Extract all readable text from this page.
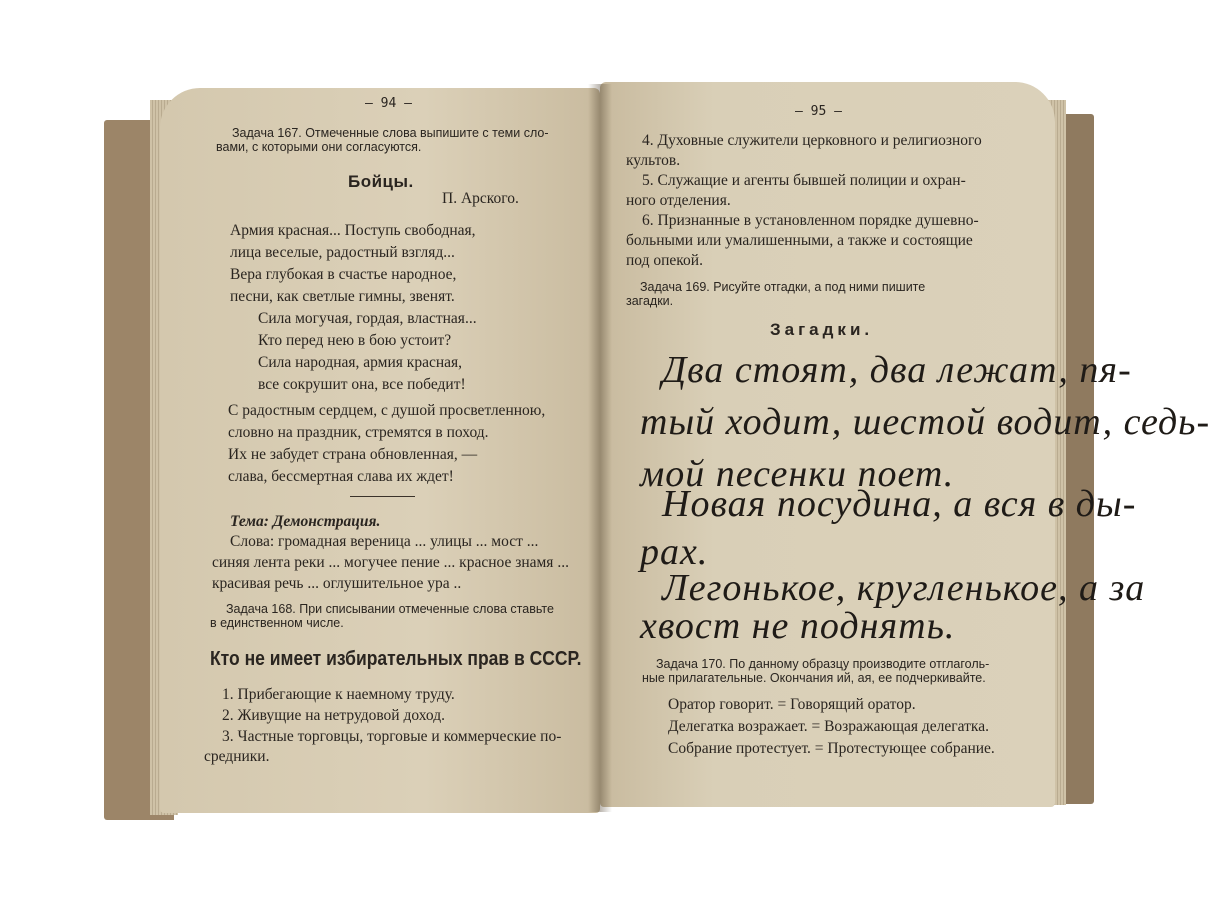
— 94 —

Задача 167. Отмеченные слова выпишите с теми сло-

вами, с которыми они согласуются.

Бойцы.

П. Арского.

Армия красная... Поступь свободная,

лица веселые, радостный взгляд...

Вера глубокая в счастье народное,

песни, как светлые гимны, звенят.

Сила могучая, гордая, властная...

Кто перед нею в бою устоит?

Сила народная, армия красная,

все сокрушит она, все победит!

С радостным сердцем, с душой просветленною,

словно на праздник, стремятся в поход.

Их не забудет страна обновленная, —

слава, бессмертная слава их ждет!

Тема: Демонстрация.

Слова: громадная вереница ... улицы ... мост ...

синяя лента реки ... могучее пение ... красное знамя ...

красивая речь ... оглушительное ура ..

Задача 168. При списывании отмеченные слова ставьте

в единственном числе.

Кто не имеет избирательных прав в СССР.

1. Прибегающие к наемному труду.

2. Живущие на нетрудовой доход.

3. Частные торговцы, торговые и коммерческие по-

средники.

— 95 —

4. Духовные служители церковного и религиозного

культов.

5. Служащие и агенты бывшей полиции и охран-

ного отделения.

6. Признанные в установленном порядке душевно-

больными или умалишенными, а также и состоящие

под опекой.

Задача 169. Рисуйте отгадки, а под ними пишите

загадки.

Загадки.

Два стоят, два лежат, пя-

тый ходит, шестой водит, седь-

мой песенки поет.

Новая посудина, а вся в ды-

рах.

Легонькое, кругленькое, а за

хвост не поднять.

Задача 170. По данному образцу производите отглаголь-

ные прилагательные. Окончания ий, ая, ее подчеркивайте.

Оратор говорит. = Говорящий оратор.

Делегатка возражает. = Возражающая делегатка.

Собрание протестует. = Протестующее собрание.
